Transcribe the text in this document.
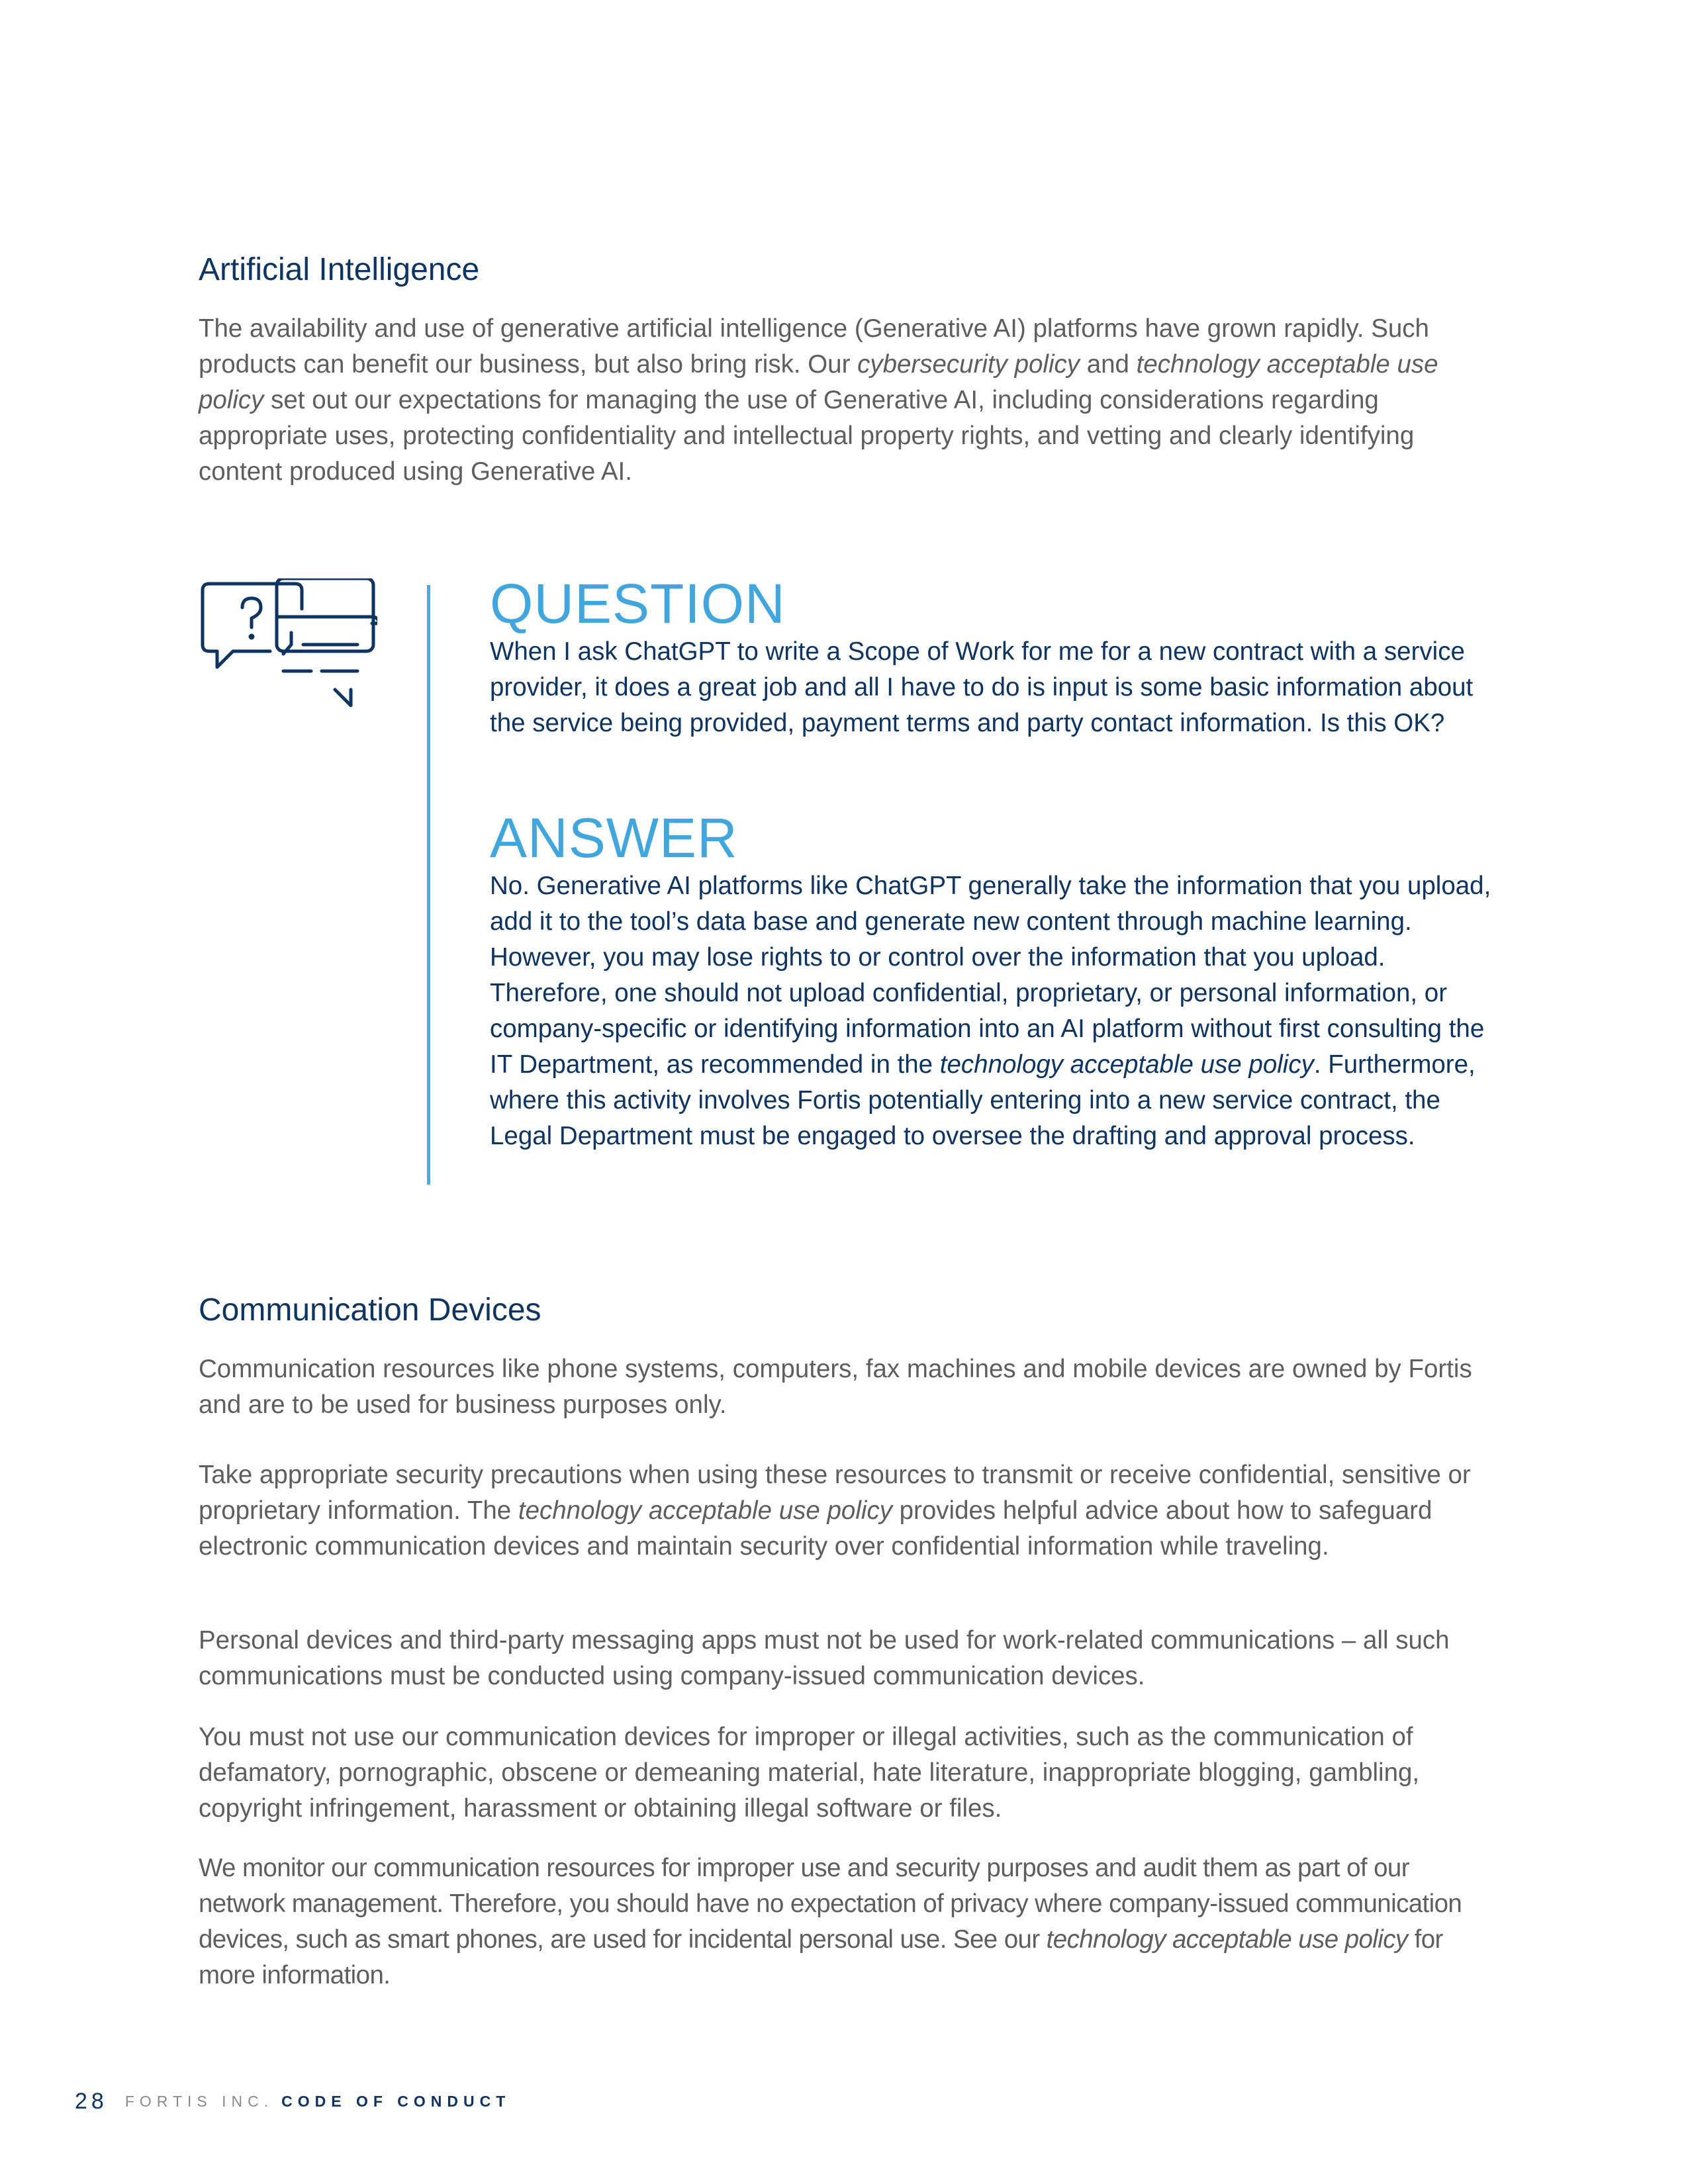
Artificial Intelligence

The availability and use of generative artificial intelligence (Generative AI) platforms have grown rapidly. Such products can benefit our business, but also bring risk. Our cybersecurity policy and technology acceptable use policy set out our expectations for managing the use of Generative AI, including considerations regarding appropriate uses, protecting confidentiality and intellectual property rights, and vetting and clearly identifying content produced using Generative AI.

QUESTION

When I ask ChatGPT to write a Scope of Work for me for a new contract with a service provider, it does a great job and all I have to do is input is some basic information about the service being provided, payment terms and party contact information. Is this OK?

ANSWER

No. Generative AI platforms like ChatGPT generally take the information that you upload, add it to the tool’s data base and generate new content through machine learning. However, you may lose rights to or control over the information that you upload. Therefore, one should not upload confidential, proprietary, or personal information, or company-specific or identifying information into an AI platform without first consulting the IT Department, as recommended in the technology acceptable use policy. Furthermore, where this activity involves Fortis potentially entering into a new service contract, the Legal Department must be engaged to oversee the drafting and approval process.

Communication Devices

Communication resources like phone systems, computers, fax machines and mobile devices are owned by Fortis and are to be used for business purposes only.

Take appropriate security precautions when using these resources to transmit or receive confidential, sensitive or proprietary information. The technology acceptable use policy provides helpful advice about how to safeguard electronic communication devices and maintain security over confidential information while traveling.

Personal devices and third-party messaging apps must not be used for work-related communications – all such communications must be conducted using company-issued communication devices.

You must not use our communication devices for improper or illegal activities, such as the communication of defamatory, pornographic, obscene or demeaning material, hate literature, inappropriate blogging, gambling, copyright infringement, harassment or obtaining illegal software or files.

We monitor our communication resources for improper use and security purposes and audit them as part of our network management. Therefore, you should have no expectation of privacy where company-issued communication devices, such as smart phones, are used for incidental personal use. See our technology acceptable use policy for more information.

28 FORTIS INC. CODE OF CONDUCT
